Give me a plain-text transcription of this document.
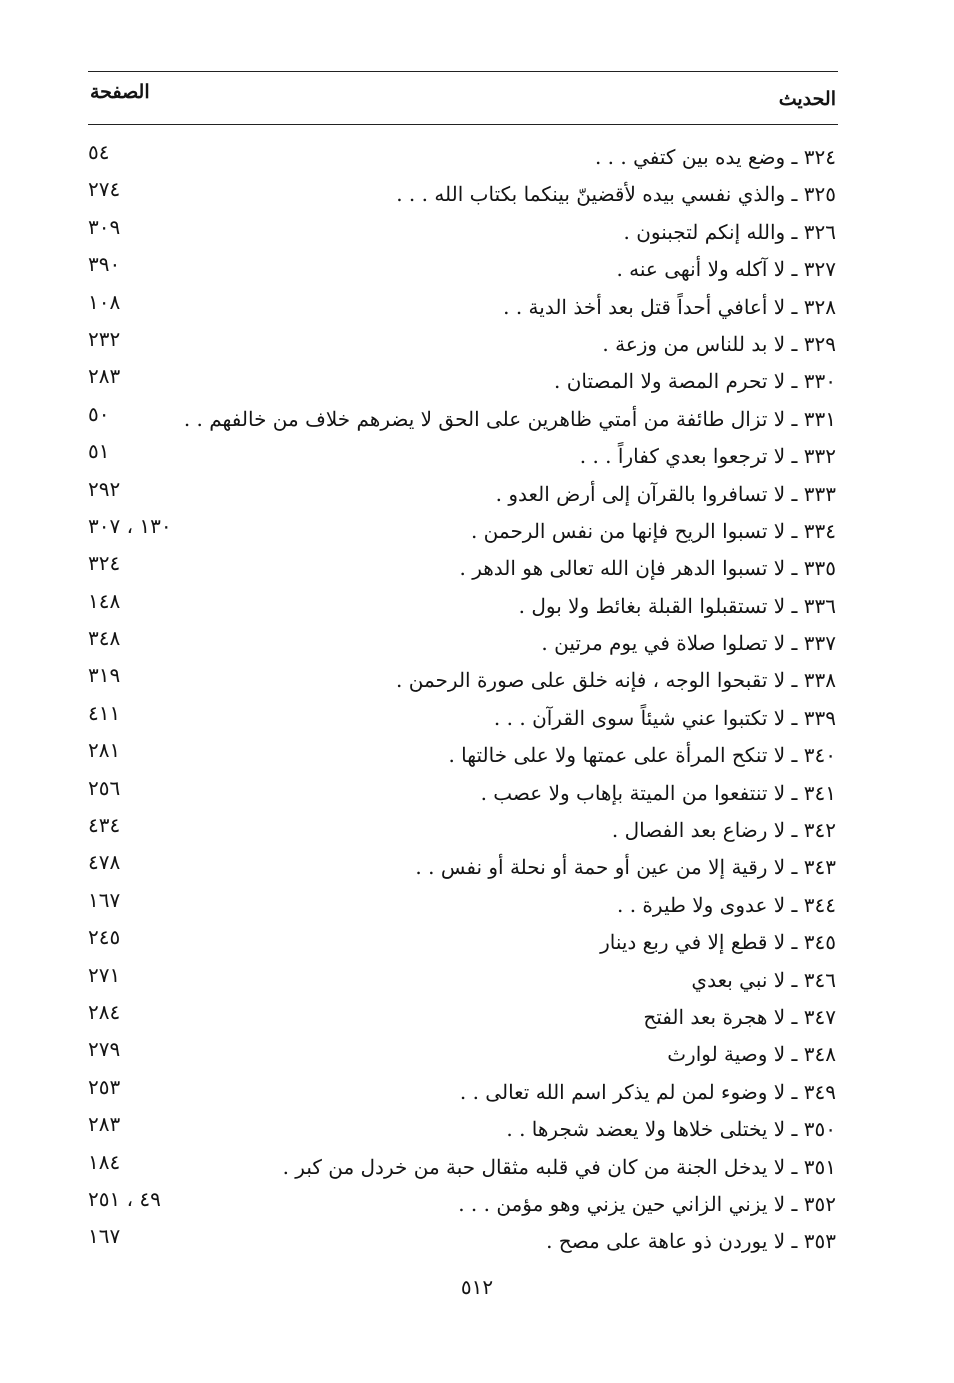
الصفحة	الحديث
٣٢٤ ـ وضع يده بين كتفي . . .
٥٤
٣٢٥ ـ والذي نفسي بيده لأقضينّ بينكما بكتاب الله . . .
٢٧٤
٣٢٦ ـ والله إنكم لتجبنون .
٣٠٩
٣٢٧ ـ لا آكله ولا أنهى عنه .
٣٩٠
٣٢٨ ـ لا أعافي أحداً قتل بعد أخذ الدية . .
١٠٨
٣٢٩ ـ لا بد للناس من وزعة .
٢٣٢
٣٣٠ ـ لا تحرم المصة ولا المصتان .
٢٨٣
٣٣١ ـ لا تزال طائفة من أمتي ظاهرين على الحق لا يضرهم خلاف من خالفهم . .
٥٠
٣٣٢ ـ لا ترجعوا بعدي كفاراً . . .
٥١
٣٣٣ ـ لا تسافروا بالقرآن إلى أرض العدو .
٢٩٢
٣٣٤ ـ لا تسبوا الريح فإنها من نفس الرحمن .
١٣٠ ، ٣٠٧
٣٣٥ ـ لا تسبوا الدهر فإن الله تعالى هو الدهر .
٣٢٤
٣٣٦ ـ لا تستقبلوا القبلة بغائط ولا بول .
١٤٨
٣٣٧ ـ لا تصلوا صلاة في يوم مرتين .
٣٤٨
٣٣٨ ـ لا تقبحوا الوجه ، فإنه خلق على صورة الرحمن .
٣١٩
٣٣٩ ـ لا تكتبوا عني شيئاً سوى القرآن . . .
٤١١
٣٤٠ ـ لا تنكح المرأة على عمتها ولا على خالتها .
٢٨١
٣٤١ ـ لا تنتفعوا من الميتة بإهاب ولا عصب .
٢٥٦
٣٤٢ ـ لا رضاع بعد الفصال .
٤٣٤
٣٤٣ ـ لا رقية إلا من عين أو حمة أو نحلة أو نفس . .
٤٧٨
٣٤٤ ـ لا عدوى ولا طيرة . .
١٦٧
٣٤٥ ـ لا قطع إلا في ربع دينار
٢٤٥
٣٤٦ ـ لا نبي بعدي
٢٧١
٣٤٧ ـ لا هجرة بعد الفتح
٢٨٤
٣٤٨ ـ لا وصية لوارث
٢٧٩
٣٤٩ ـ لا وضوء لمن لم يذكر اسم الله تعالى . .
٢٥٣
٣٥٠ ـ لا يختلى خلاها ولا يعضد شجرها . .
٢٨٣
٣٥١ ـ لا يدخل الجنة من كان في قلبه مثقال حبة من خردل من كبر .
١٨٤
٣٥٢ ـ لا يزني الزاني حين يزني وهو مؤمن . . .
٤٩ ، ٢٥١
٣٥٣ ـ لا يوردن ذو عاهة على مصح .
١٦٧
٥١٢
